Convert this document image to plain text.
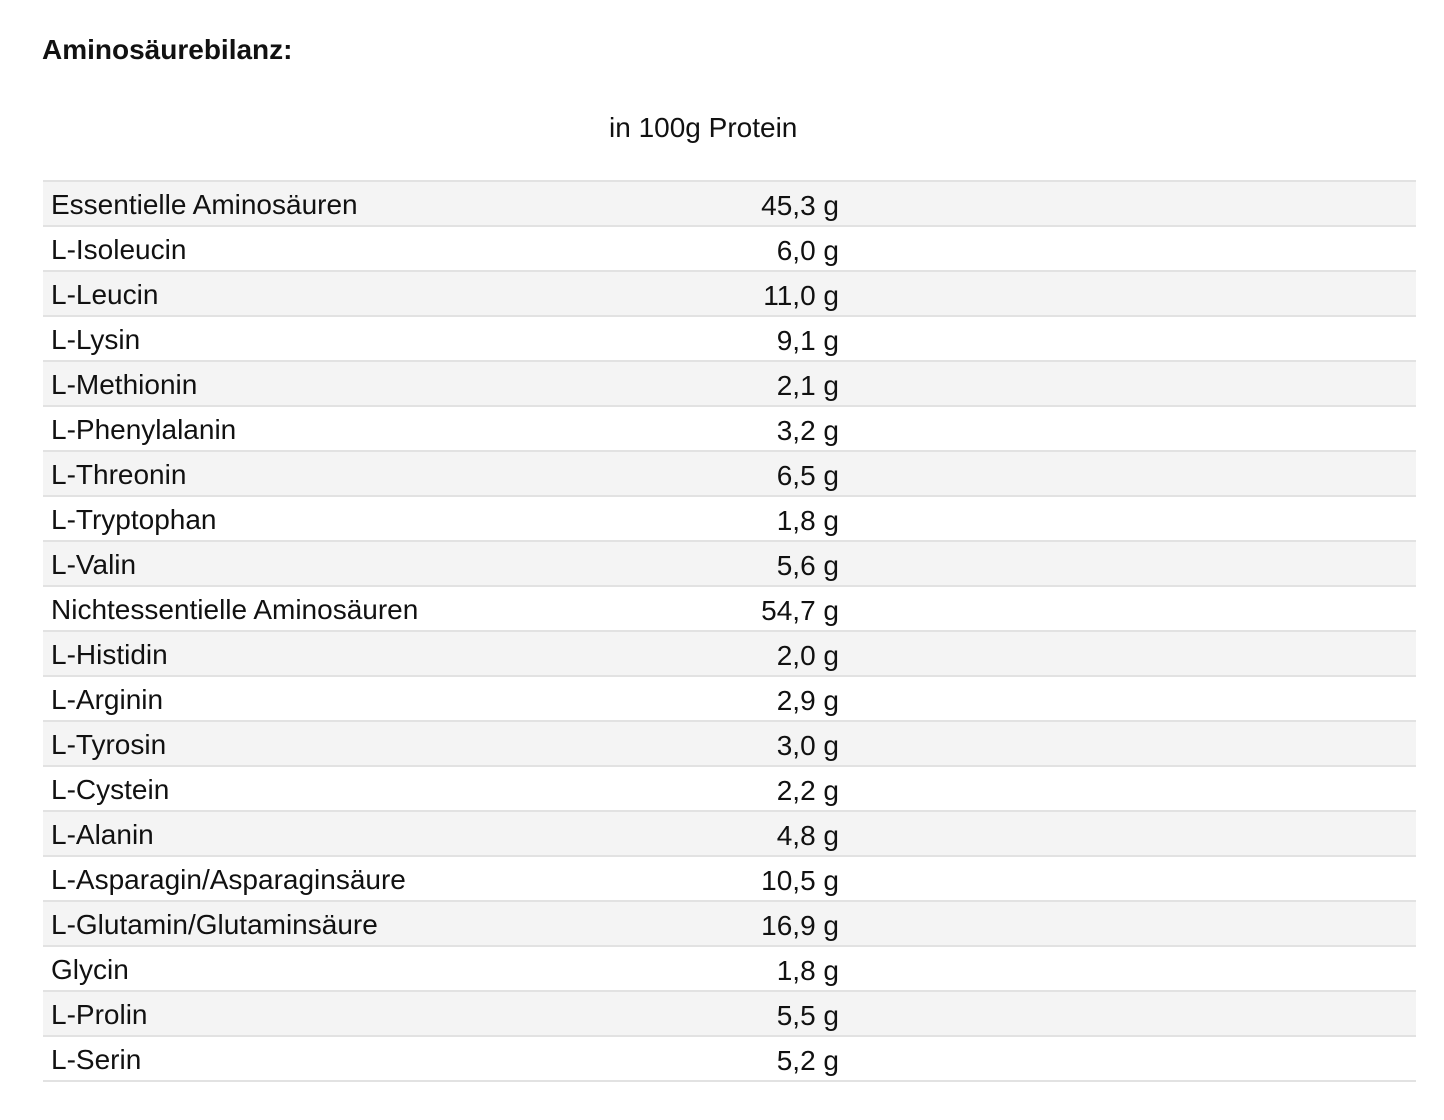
Aminosäurebilanz:
in 100g Protein
Essentielle Aminosäuren	45,3 g
L-Isoleucin	6,0 g
L-Leucin	11,0 g
L-Lysin	9,1 g
L-Methionin	2,1 g
L-Phenylalanin	3,2 g
L-Threonin	6,5 g
L-Tryptophan	1,8 g
L-Valin	5,6 g
Nichtessentielle Aminosäuren	54,7 g
L-Histidin	2,0 g
L-Arginin	2,9 g
L-Tyrosin	3,0 g
L-Cystein	2,2 g
L-Alanin	4,8 g
L-Asparagin/Asparaginsäure	10,5 g
L-Glutamin/Glutaminsäure	16,9 g
Glycin	1,8 g
L-Prolin	5,5 g
L-Serin	5,2 g
